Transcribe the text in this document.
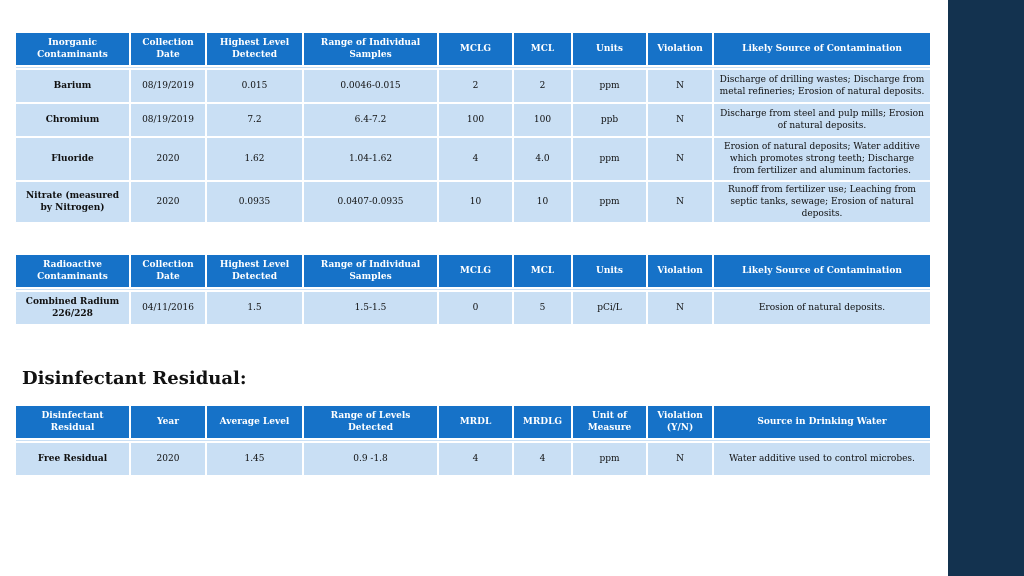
Inorganic Contaminants	Collection Date	Highest Level Detected	Range of Individual Samples	MCLG	MCL	Units	Violation	Likely Source of Contamination

Barium	08/19/2019	0.015	0.0046-0.015	2	2	ppm	N	Discharge of drilling wastes; Discharge from metal refineries; Erosion of natural deposits.
Chromium	08/19/2019	7.2	6.4-7.2	100	100	ppb	N	Discharge from steel and pulp mills; Erosion of natural deposits.
Fluoride	2020	1.62	1.04-1.62	4	4.0	ppm	N	Erosion of natural deposits; Water additive which promotes strong teeth; Discharge from fertilizer and aluminum factories.
Nitrate (measured by Nitrogen)	2020	0.0935	0.0407-0.0935	10	10	ppm	N	Runoff from fertilizer use; Leaching from septic tanks, sewage; Erosion of natural deposits.
Radioactive Contaminants	Collection Date	Highest Level Detected	Range of Individual Samples	MCLG	MCL	Units	Violation	Likely Source of Contamination

Combined Radium 226/228	04/11/2016	1.5	1.5-1.5	0	5	pCi/L	N	Erosion of natural deposits.
Disinfectant Residual:
Disinfectant Residual	Year	Average Level	Range of Levels Detected	MRDL	MRDLG	Unit of Measure	Violation (Y/N)	Source in Drinking Water

Free Residual	2020	1.45	0.9 -1.8	4	4	ppm	N	Water additive used to control microbes.
